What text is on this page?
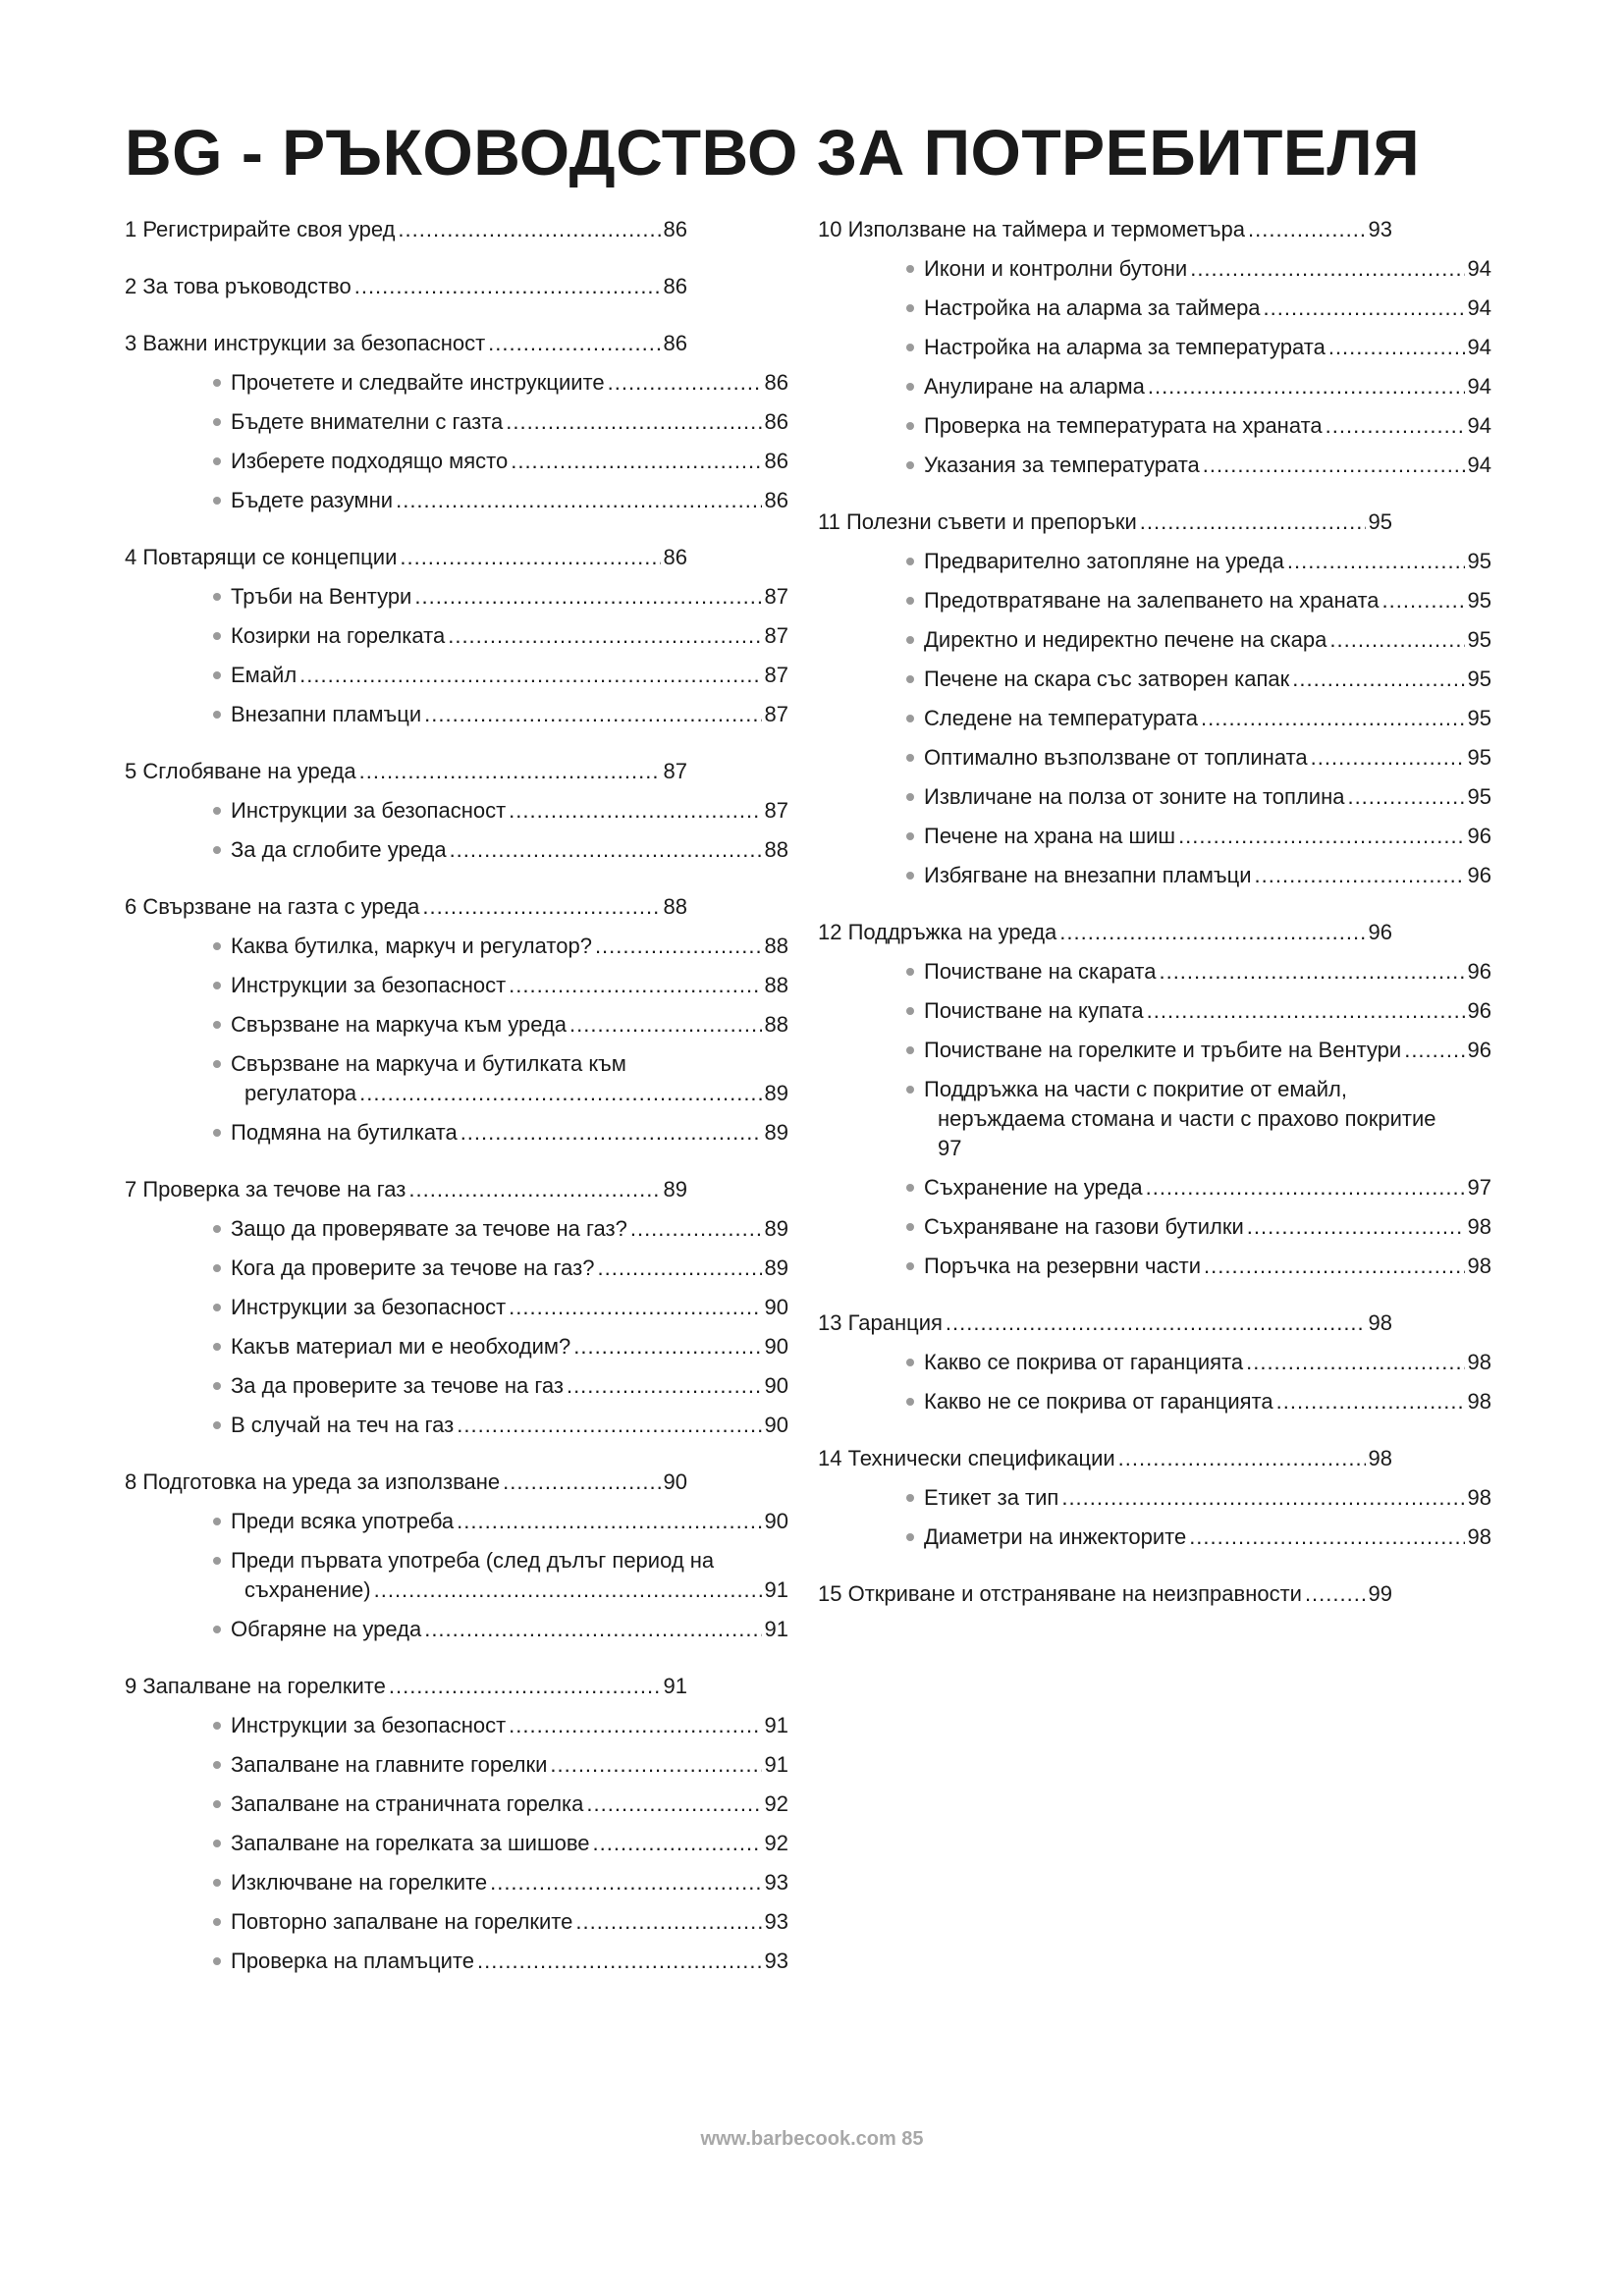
BG - РЪКОВОДСТВО ЗА ПОТРЕБИТЕЛЯ
1 Регистрирайте своя уред .....	86
2 За това ръководство .....	86
3 Важни инструкции за безопасност .....	86
Прочетете и следвайте инструкциите .....	86
Бъдете внимателни с газта .....	86
Изберете подходящо място .....	86
Бъдете разумни .....	86
4 Повтарящи се концепции .....	86
Тръби на Вентури .....	87
Козирки на горелката .....	87
Емайл .....	87
Внезапни пламъци .....	87
5 Сглобяване на уреда .....	87
Инструкции за безопасност .....	87
За да сглобите уреда .....	88
6 Свързване на газта с уреда .....	88
Каква бутилка, маркуч и регулатор? .....	88
Инструкции за безопасност .....	88
Свързване на маркуча към уреда .....	88
Свързване на маркуча и бутилката към
регулатора .....	89
Подмяна на бутилката .....	89
7 Проверка за течове на газ .....	89
Защо да проверявате за течове на газ? .....	89
Кога да проверите за течове на газ? .....	89
Инструкции за безопасност .....	90
Какъв материал ми е необходим? .....	90
За да проверите за течове на газ .....	90
В случай на теч на газ .....	90
8 Подготовка на уреда за използване .....	90
Преди всяка употреба .....	90
Преди първата употреба (след дълъг период на
съхранение) .....	91
Обгаряне на уреда .....	91
9 Запалване на горелките .....	91
Инструкции за безопасност .....	91
Запалване на главните горелки .....	91
Запалване на страничната горелка .....	92
Запалване на горелката за шишове .....	92
Изключване на горелките .....	93
Повторно запалване на горелките .....	93
Проверка на пламъците .....	93
10 Използване на таймера и термометъра .....	93
Икони и контролни бутони .....	94
Настройка на аларма за таймера .....	94
Настройка на аларма за температурата .....	94
Анулиране на аларма .....	94
Проверка на температурата на храната .....	94
Указания за температурата .....	94
11 Полезни съвети и препоръки .....	95
Предварително затопляне на уреда .....	95
Предотвратяване на залепването на храната .....	95
Директно и недиректно печене на скара .....	95
Печене на скара със затворен капак .....	95
Следене на температурата .....	95
Оптимално възползване от топлината .....	95
Извличане на полза от зоните на топлина .....	95
Печене на храна на шиш .....	96
Избягване на внезапни пламъци .....	96
12 Поддръжка на уреда .....	96
Почистване на скарата .....	96
Почистване на купата .....	96
Почистване на горелките и тръбите на Вентури .....	96
Поддръжка на части с покритие от емайл,
неръждаема стомана и части с прахово покритие
97
Съхранение на уреда .....	97
Съхраняване на газови бутилки .....	98
Поръчка на резервни части .....	98
13 Гаранция .....	98
Какво се покрива от гаранцията .....	98
Какво не се покрива от гаранцията .....	98
14 Технически спецификации .....	98
Етикет за тип .....	98
Диаметри на инжекторите .....	98
15 Откриване и отстраняване на неизправности .....	99
www.barbecook.com 85
